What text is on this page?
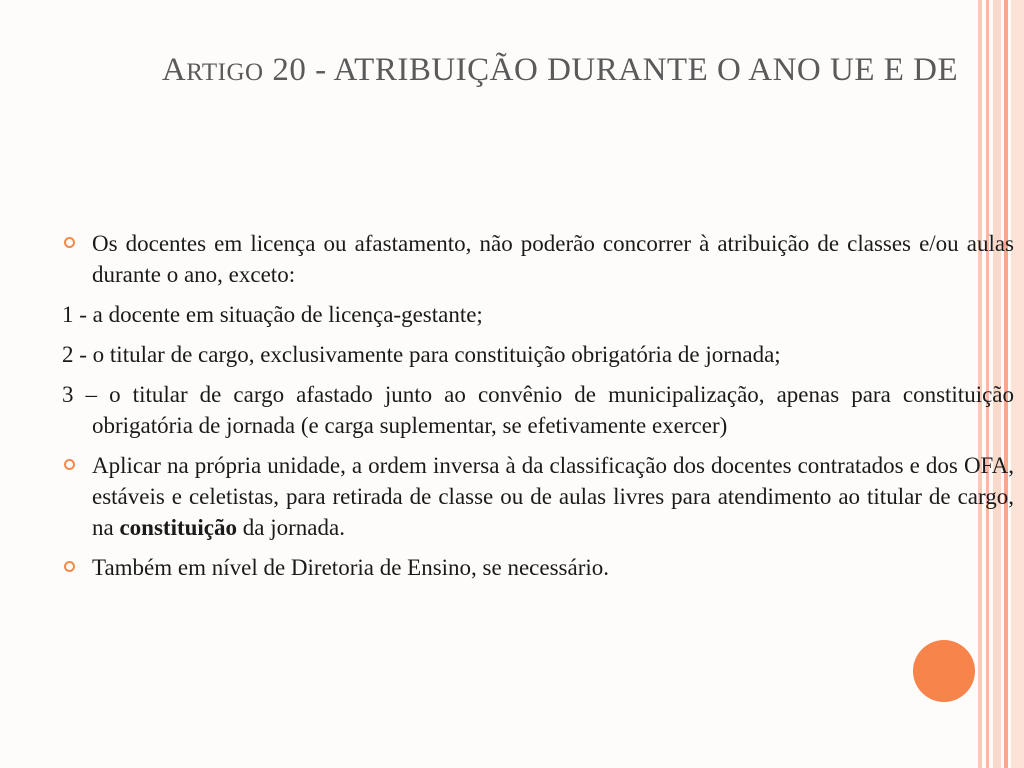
ARTIGO 20 - ATRIBUIÇÃO DURANTE O ANO UE E DE
Os docentes em licença ou afastamento, não poderão concorrer à atribuição de classes e/ou aulas durante o ano, exceto:
1 - a docente em situação de licença-gestante;
2 - o titular de cargo, exclusivamente para constituição obrigatória de jornada;
3 – o titular de cargo afastado junto ao convênio de municipalização, apenas para constituição obrigatória de jornada (e carga suplementar, se efetivamente exercer)
Aplicar na própria unidade, a ordem inversa à da classificação dos docentes contratados e dos OFA, estáveis e celetistas, para retirada de classe ou de aulas livres para atendimento ao titular de cargo, na constituição da jornada.
Também em nível de Diretoria de Ensino, se necessário.
